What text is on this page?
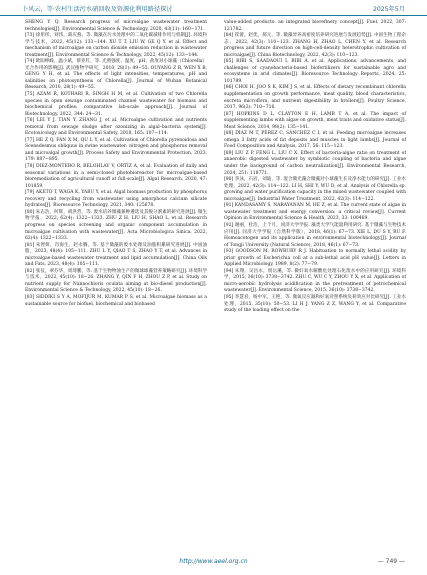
卜风云，等·农村生活污水硝回收及资源化利用路径探讨	2025年5月

SHENG Y Q. Research progress of microalgae wastewater treatment technologies[J]. Environmental Science & Technology, 2020, 43(11): 160−171.

[73] 徐彤彤，刘伟，葛庆燕，等. 微藻在污水处理中的二氧化碳减排作用与机制[J]. 环境科学与技术，2022, 45(12): 133−144. XU T T, LIU W, GE Q Y, et al. Effect and mechanism of microalgae on carbon dioxide emission reduction in wastewater treatment[J]. Environmental Science & Technology, 2022, 45(12): 133−144.

[74] 欧阳峥嵘，温小斌，蔡亚红，等. 光照强度、温度、pH、盐度对小球藻（Chlorella）光合作用的影响[J]. 武汉植物学研究，2010, 28(1): 49−55. OUYANG Z R, WEN X B, GENG Y H, et al. The effects of light intensities, temperatures, pH and salinities on photosynthesis of Chlorella[J]. Journal of Wuhan Botanical Research, 2010, 28(1): 49−55.

[75] AZAM R, KOTHARI R, SINGH H M, et al. Cultivation of two Chlorella species in open sewage contaminated channel wastewater for biomass and biochemical profiles: comparative lab-scale approach[J]. Journal of Biotechnology, 2022, 344: 24−31.

[76] LEI Y J, TIAN Y, ZHANG J, et al. Microalgae cultivation and nutrients removal from sewage sludge after ozonizing in algal–bacteria system[J]. Ecotoxicology and Environmental Safety, 2018, 165: 107−114.

[77] HE Z Q, FAN X M, QU L Y, et al. Cultivation of Chlorella pyrenoidosa and Scenedesmus obliquus in swine wastewater: nitrogen and phosphorus removal and microalgal growth[J]. Process Safety and Environmental Protection, 2023, 179: 887−895.

[78] DIEZ-MONTERO R, BELOHLAV V, ORTIZ A, et al. Evaluation of daily and seasonal variations in a semi-closed photobioreactor for microalgae-based bioremediation of agricultural runoff at full-scale[J]. Algal Research, 2020, 47: 101859.

[79] AKETO T, WAGA K, YABU Y, et al. Algal biomass production by phosphorus recovery and recycling from wastewater using amorphous calcium silicate hydrates[J]. Bioresource Technology, 2021, 340: 125678.

[80] 朱志浩，何辉，胡洪营，等. 废水培养微藻兼种遴选及其脱分割素的研究进展[J]. 微生物学报，2022, 62(4): 1322−1333. ZHU Z H, LIU H, SHAO L, et al. Research progress on species screening and organic component accumulation in microalgae cultivation with wastewater[J]. Acta Microbiologica Sinica, 2022, 62(4): 1322−1333.

[81] 朱智妍，肖海生，赵永腾，等. 基于微藻的废水处理及油脂积累研究进展[J]. 中国油脂，2023, 48(4): 105−111. ZHU L Y, QIAO T S, ZHAO Y T, et al. Advances in microalgae-based wastewater treatment and lipid accumulation[J]. China Oils and Fats, 2023, 48(4): 105−111.

[82] 张仪，翠芬华，周琦鹏，等. 基于生物物油生产的微球球藻营养策略研究[J]. 环境科学与技术，2022, 45(10): 18−26. ZHANG Y, QIN F H, ZHOU Z P, et al. Study on nutrient supply for Nannochloris oculata aiming at bio-diesel production[J]. Environmental Science & Technology, 2022, 45(10): 18−26.

[83] SIDDIKI S Y A, MOFIJUR M, KUMAR P S, et al. Microalgae biomass as a sustainable source for biofuel, biochemical and biobased

value-added products: an integrated biorefinery concept[J]. Fuel, 2022, 307: 121782.

[84] 崔蕾，赵优，郝元，等. 微藻异养高密度培养研究进展与发展趋势[J]. 中国生物工程杂志，2022, 42(3): 110−123. ZHANG H, ZHAO L, CHEN Y, et al. Research progress and future direction on high-cell-density heterotrophic cultivation of microalgae[J]. China Biotechnology, 2022, 42(3): 110−123.

[85] BIBI S, SAADAOUI I, BIBI A, et al. Applications, advancements, and challenges of cyanobacteria-based biofertilizers for sustainable agro and ecosystems in arid climates[J]. Bioresource Technology Reports, 2024, 25: 101789.

[86] CHOI H, JOO S K, KIM J S, et al. Effects of dietary recombinant chlorella supplementation on growth performance, meat quality, blood characteristics, excreta microflora, and nutrient digestibility in broilers[J]. Poultry Science, 2017, 96(3): 710−716.

[87] HOPKINS D L, CLAYTON E H, LAMB T A, et al. The impact of supplementing lambs with algae on growth, meat traits and oxidative status[J]. Meat Science, 2014, 98(2): 135−141.

[88] DÍAZ M T, PÉREZ C, SÁNCHEZ C I, et al. Feeding microalgae increases omega 3 fatty acids of fat deposits and muscles in light lambs[J]. Journal of Food Composition and Analysis, 2017, 56: 115−123.

[89] LIU Z P, FENG L, LIU C X. Effect of bacteria-algae ratio on treatment of anaerobic digested wastewater by symbiotic coupling of bacteria and algae under the background of carbon neutralization[J]. Environmental Research, 2024, 251: 118771.

[90] 李泳，石岩，刘迪，等. 混合微光藻合微藻对小球藻生长及净水能力的研究[J]. 工业水处理，2022, 42(3): 114−122. LI H, SHI Y, WU D, et al. Analysis of Chlorella sp. growing and water purification capacity in the mixed wastewater coupled with microalgae[J]. Industrial Water Treatment, 2022, 42(3): 114−122.

[91] KANDASAMY S, NARAYANAN M, HE Z, et al. The current state of algae in wastewater treatment and energy conversion: a critical review[J]. Current Opinion in Environmental Science & Health, 2023, 33: 100469.

[92] 谢丽，杜浩，上个月，同济大学学报. 藻类大学气能量利用研究. 基于微藻与生物技术应用[J]. 同济大学学报（自然科学版），2018, 46(1): 67−73. XIE L, DU S Y, RU F. Homoacetogen and its application in environmental biotechnology[J]. Journal of Tongji University (Natural Science), 2018, 46(1): 67−73.

[93] GOODSON M, ROWBURY R J. Habituation to normally lethal acidity by prior growth of Escherichia coli at a sub-lethal acid pH value[J]. Letters in Applied Microbiology, 1989, 8(2): 77−79.

[94] 朱翔，吴昌永，周岳溪，等. 微好氧水解酸化处理石化废水中的应用研究[J]. 环境科学，2015, 36(10): 3738−3742. ZHU C, WU C Y, ZHOU Y X, et al. Application of micro-aerobic hydrolysis acidification in the pretreatment of petrochemical wastewater[J]. Environmental Science, 2015, 36(10): 3738−3742.

[95] 李慧君，杨中军，王艳，等. 微氧反应器和好氧对照系统负荷效应对比研究[J]. 工业水处理，2015, 35(10): 50−53. LI H J, YANG Z Z, WANG Y, et al. Comparative study of the loading effect on the

http://www.aeel.org.cn	— 749 —
